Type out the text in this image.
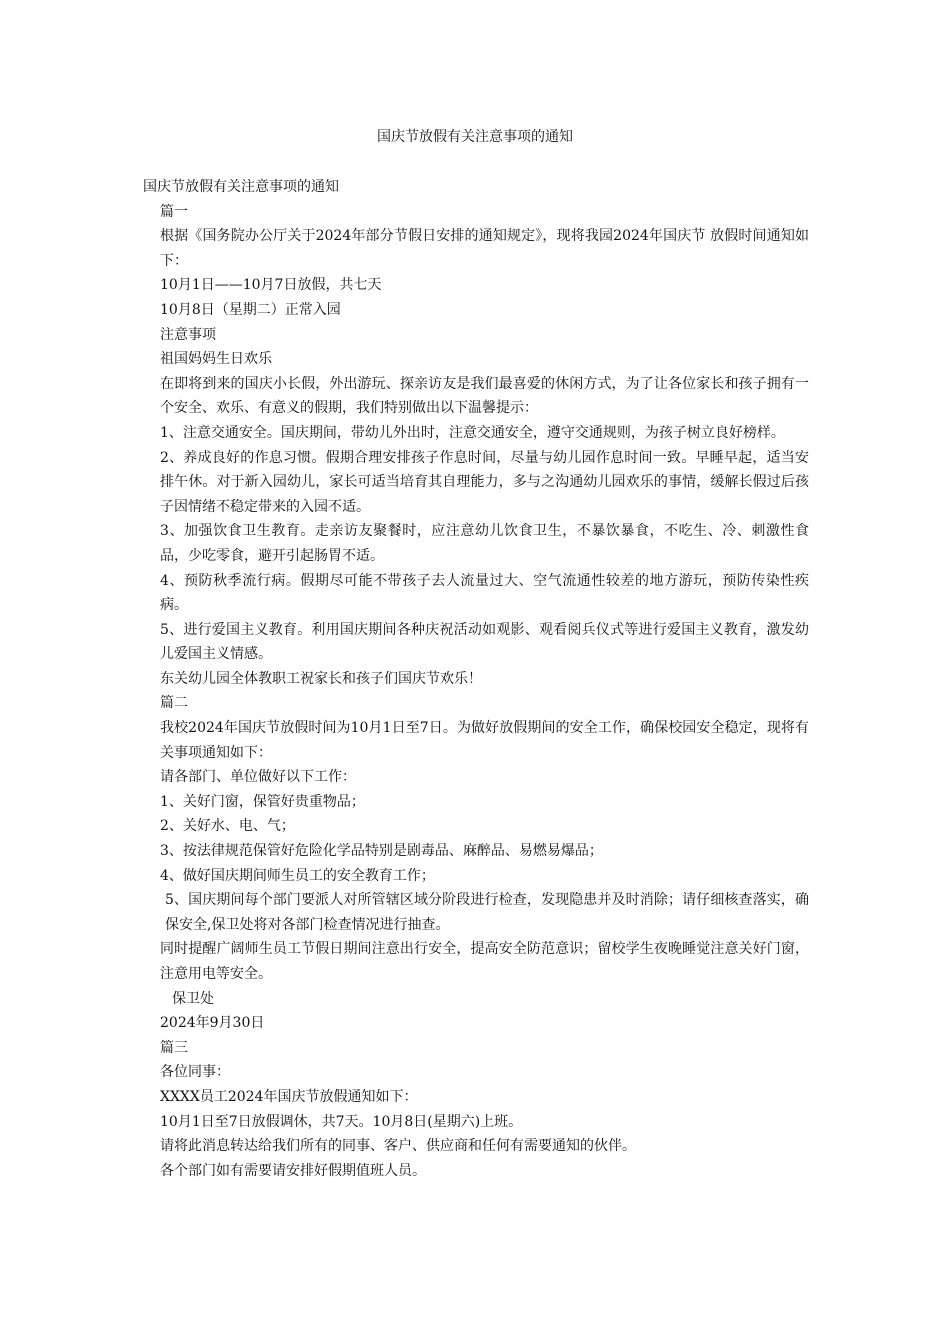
国庆节放假有关注意事项的通知

国庆节放假有关注意事项的通知

篇一

根据《国务院办公厅关于2024年部分节假日安排的通知规定》，现将我园2024年国庆节 放假时间通知如下：

10月1日——10月7日放假，共七天

10月8日（星期二）正常入园

注意事项

祖国妈妈生日欢乐

在即将到来的国庆小长假，外出游玩、探亲访友是我们最喜爱的休闲方式，为了让各位家长和孩子拥有一个安全、欢乐、有意义的假期，我们特别做出以下温馨提示：

1、注意交通安全。国庆期间，带幼儿外出时，注意交通安全，遵守交通规则，为孩子树立良好榜样。

2、养成良好的作息习惯。假期合理安排孩子作息时间，尽量与幼儿园作息时间一致。早睡早起，适当安排午休。对于新入园幼儿，家长可适当培育其自理能力，多与之沟通幼儿园欢乐的事情，缓解长假过后孩子因情绪不稳定带来的入园不适。

3、加强饮食卫生教育。走亲访友聚餐时，应注意幼儿饮食卫生，不暴饮暴食，不吃生、冷、刺激性食品，少吃零食，避开引起肠胃不适。

4、预防秋季流行病。假期尽可能不带孩子去人流量过大、空气流通性较差的地方游玩，预防传染性疾病。

5、进行爱国主义教育。利用国庆期间各种庆祝活动如观影、观看阅兵仪式等进行爱国主义教育，激发幼儿爱国主义情感。

东关幼儿园全体教职工祝家长和孩子们国庆节欢乐！

篇二

我校2024年国庆节放假时间为10月1日至7日。为做好放假期间的安全工作，确保校园安全稳定，现将有关事项通知如下：

请各部门、单位做好以下工作：

1、关好门窗，保管好贵重物品；

2、关好水、电、气；

3、按法律规范保管好危险化学品特别是剧毒品、麻醉品、易燃易爆品；

4、做好国庆期间师生员工的安全教育工作；

5、国庆期间每个部门要派人对所管辖区域分阶段进行检查，发现隐患并及时消除；请仔细核查落实，确保安全,保卫处将对各部门检查情况进行抽查。

同时提醒广阔师生员工节假日期间注意出行安全，提高安全防范意识；留校学生夜晚睡觉注意关好门窗，注意用电等安全。

保卫处

2024年9月30日

篇三

各位同事：

XXXX员工2024年国庆节放假通知如下：

10月1日至7日放假调休，共7天。10月8日(星期六)上班。

请将此消息转达给我们所有的同事、客户、供应商和任何有需要通知的伙伴。

各个部门如有需要请安排好假期值班人员。
